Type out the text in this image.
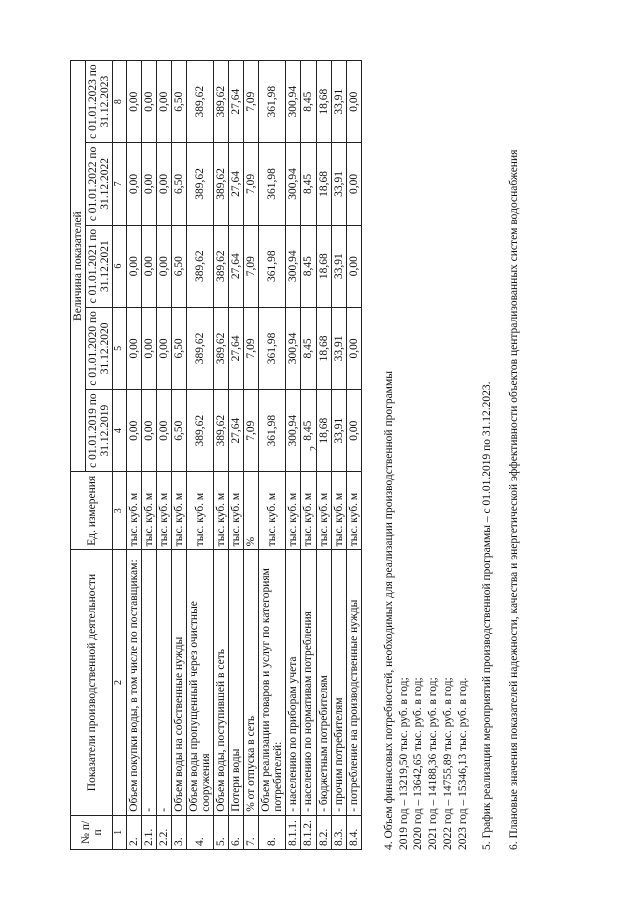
2
№ п/п	Показатели производственной деятельности	Ед. измерения	Величина показателей				
			с 01.01.2019 по 31.12.2019	с 01.01.2020 по 31.12.2020	с 01.01.2021 по 31.12.2021	с 01.01.2022 по 31.12.2022	с 01.01.2023 по 31.12.2023
1	2	3	4	5	6	7	8
2.	Объем покупки воды, в том числе по поставщикам:	тыс. куб. м	0,00	0,00	0,00	0,00	0,00
2.1.	-	тыс. куб. м	0,00	0,00	0,00	0,00	0,00
2.2.	-	тыс. куб. м	0,00	0,00	0,00	0,00	0,00
3.	Объем воды на собственные нужды	тыс. куб. м	6,50	6,50	6,50	6,50	6,50
4.	Объем воды пропущенный через очистные сооружения	тыс. куб. м	389,62	389,62	389,62	389,62	389,62
5.	Объем воды, поступившей в сеть	тыс. куб. м	389,62	389,62	389,62	389,62	389,62
6.	Потери воды	тыс. куб. м	27,64	27,64	27,64	27,64	27,64
7.	% от отпуска в сеть	%	7,09	7,09	7,09	7,09	7,09
8.	Объем реализации товаров и услуг по категориям потребителей:	тыс. куб. м	361,98	361,98	361,98	361,98	361,98
8.1.1.	- населению по приборам учета	тыс. куб. м	300,94	300,94	300,94	300,94	300,94
8.1.2.	- населению по нормативам потребления	тыс. куб. м	8,45	8,45	8,45	8,45	8,45
8.2.	- бюджетным потребителям	тыс. куб. м	18,68	18,68	18,68	18,68	18,68
8.3.	- прочим потребителям	тыс. куб. м	33,91	33,91	33,91	33,91	33,91
8.4.	- потребление на производственные нужды	тыс. куб. м	0,00	0,00	0,00	0,00	0,00

4. Объем финансовых потребностей, необходимых для реализации производственной программы 2019 год – 13219,50 тыс. руб. в год; 2020 год – 13642,65 тыс. руб. в год; 2021 год – 14188,36 тыс. руб. в год; 2022 год – 14755,89 тыс. руб. в год; 2023 год – 15346,13 тыс. руб. в год. 5. График реализации мероприятий производственной программы – с 01.01.2019 по 31.12.2023. 6. Плановые значения показателей надежности, качества и энергетической эффективности объектов централизованных систем водоснабжения
